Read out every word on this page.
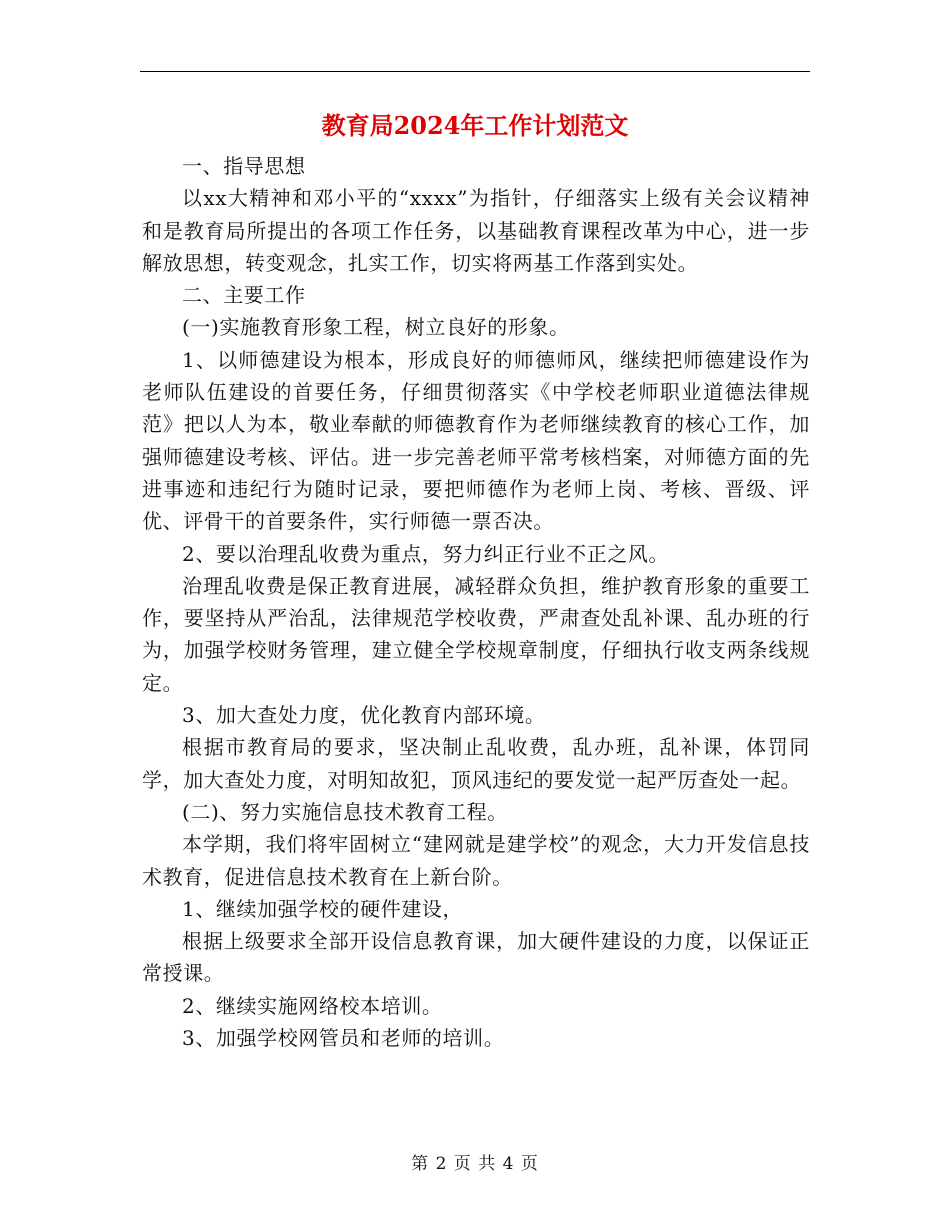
教育局2024年工作计划范文

一、指导思想

以xx大精神和邓小平的“xxxx”为指针，仔细落实上级有关会议精神和是教育局所提出的各项工作任务，以基础教育课程改革为中心，进一步解放思想，转变观念，扎实工作，切实将两基工作落到实处。

二、主要工作

(一)实施教育形象工程，树立良好的形象。

1、以师德建设为根本，形成良好的师德师风，继续把师德建设作为老师队伍建设的首要任务，仔细贯彻落实《中学校老师职业道德法律规范》把以人为本，敬业奉献的师德教育作为老师继续教育的核心工作，加强师德建设考核、评估。进一步完善老师平常考核档案，对师德方面的先进事迹和违纪行为随时记录，要把师德作为老师上岗、考核、晋级、评优、评骨干的首要条件，实行师德一票否决。

2、要以治理乱收费为重点，努力纠正行业不正之风。

治理乱收费是保正教育进展，减轻群众负担，维护教育形象的重要工作，要坚持从严治乱，法律规范学校收费，严肃查处乱补课、乱办班的行为，加强学校财务管理，建立健全学校规章制度，仔细执行收支两条线规定。

3、加大查处力度，优化教育内部环境。

根据市教育局的要求，坚决制止乱收费，乱办班，乱补课，体罚同学，加大查处力度，对明知故犯，顶风违纪的要发觉一起严厉查处一起。

(二)、努力实施信息技术教育工程。

本学期，我们将牢固树立“建网就是建学校”的观念，大力开发信息技术教育，促进信息技术教育在上新台阶。

1、继续加强学校的硬件建设，

根据上级要求全部开设信息教育课，加大硬件建设的力度，以保证正常授课。

2、继续实施网络校本培训。

3、加强学校网管员和老师的培训。

第 2 页 共 4 页
